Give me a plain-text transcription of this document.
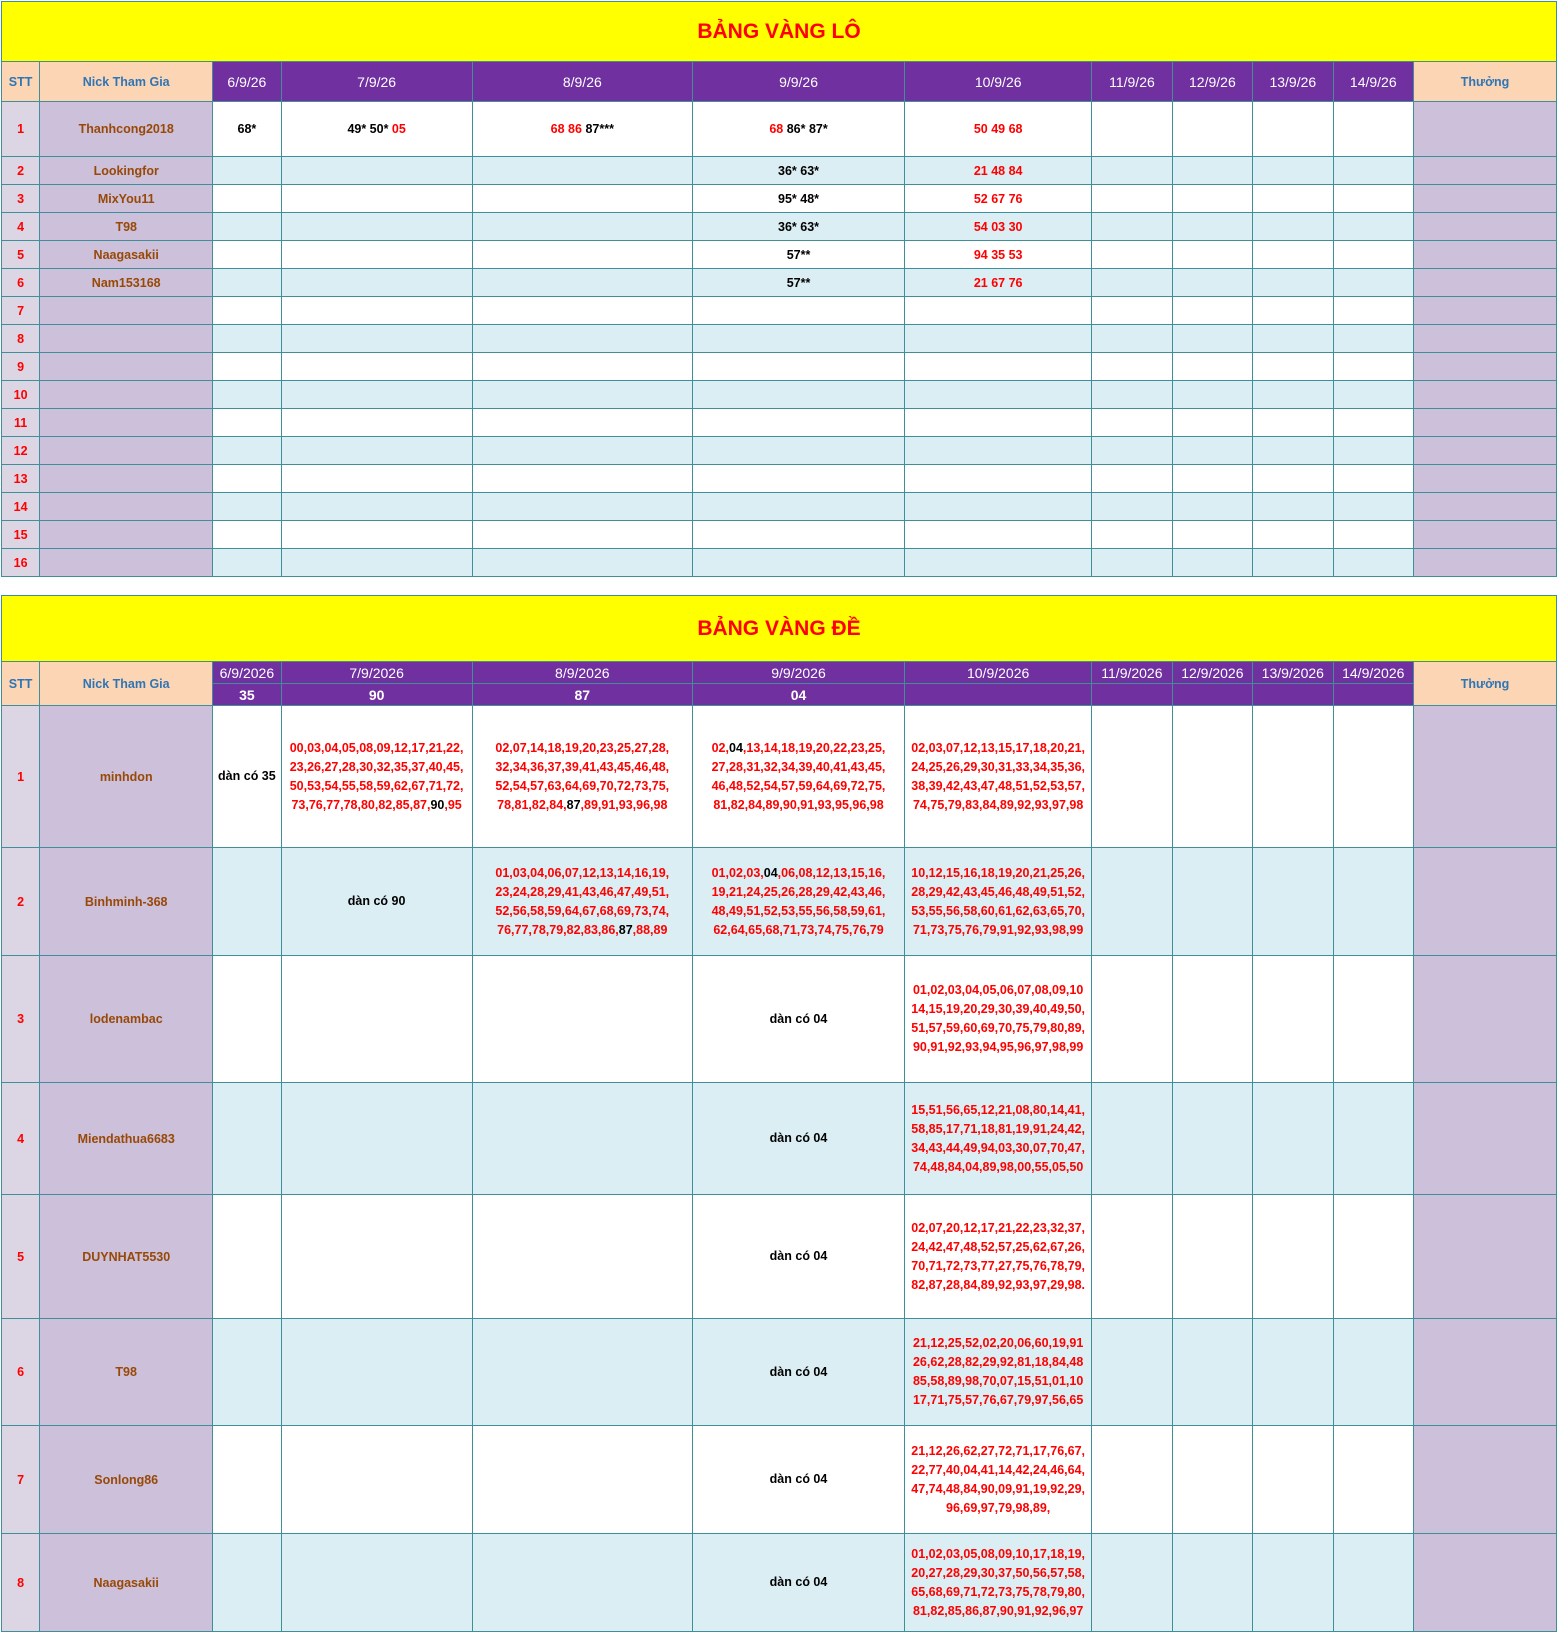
BẢNG VÀNG LÔ											
STT	Nick Tham Gia	6/9/26	7/9/26	8/9/26	9/9/26	10/9/26	11/9/26	12/9/26	13/9/26	14/9/26	Thưởng
1	Thanhcong2018	68*	49* 50* 05	68 86 87***	68 86* 87*	50 49 68					
2	Lookingfor				36* 63*	21 48 84					
3	MixYou11				95* 48*	52 67 76					
4	T98				36* 63*	54 03 30					
5	Naagasakii				57**	94 35 53					
6	Nam153168				57**	21 67 76					
7											
8											
9											
10											
11											
12											
13											
14											
15											
16											
BẢNG VÀNG ĐỀ											
STT	Nick Tham Gia	6/9/2026	7/9/2026	8/9/2026	9/9/2026	10/9/2026	11/9/2026	12/9/2026	13/9/2026	14/9/2026	Thưởng
		35	90	87	04						
1	minhdon	dàn có 35	00,03,04,05,08,09,12,17,21,22,
23,26,27,28,30,32,35,37,40,45,
50,53,54,55,58,59,62,67,71,72,
73,76,77,78,80,82,85,87,90,95	02,07,14,18,19,20,23,25,27,28,
32,34,36,37,39,41,43,45,46,48,
52,54,57,63,64,69,70,72,73,75,
78,81,82,84,87,89,91,93,96,98	02,04,13,14,18,19,20,22,23,25,
27,28,31,32,34,39,40,41,43,45,
46,48,52,54,57,59,64,69,72,75,
81,82,84,89,90,91,93,95,96,98	02,03,07,12,13,15,17,18,20,21,
24,25,26,29,30,31,33,34,35,36,
38,39,42,43,47,48,51,52,53,57,
74,75,79,83,84,89,92,93,97,98					
2	Binhminh-368		dàn có 90	01,03,04,06,07,12,13,14,16,19,
23,24,28,29,41,43,46,47,49,51,
52,56,58,59,64,67,68,69,73,74,
76,77,78,79,82,83,86,87,88,89	01,02,03,04,06,08,12,13,15,16,
19,21,24,25,26,28,29,42,43,46,
48,49,51,52,53,55,56,58,59,61,
62,64,65,68,71,73,74,75,76,79	10,12,15,16,18,19,20,21,25,26,
28,29,42,43,45,46,48,49,51,52,
53,55,56,58,60,61,62,63,65,70,
71,73,75,76,79,91,92,93,98,99					
3	lodenambac				dàn có 04	01,02,03,04,05,06,07,08,09,10
14,15,19,20,29,30,39,40,49,50,
51,57,59,60,69,70,75,79,80,89,
90,91,92,93,94,95,96,97,98,99					
4	Miendathua6683				dàn có 04	15,51,56,65,12,21,08,80,14,41,
58,85,17,71,18,81,19,91,24,42,
34,43,44,49,94,03,30,07,70,47,
74,48,84,04,89,98,00,55,05,50					
5	DUYNHAT5530				dàn có 04	02,07,20,12,17,21,22,23,32,37,
24,42,47,48,52,57,25,62,67,26,
70,71,72,73,77,27,75,76,78,79,
82,87,28,84,89,92,93,97,29,98.					
6	T98				dàn có 04	21,12,25,52,02,20,06,60,19,91
26,62,28,82,29,92,81,18,84,48
85,58,89,98,70,07,15,51,01,10
17,71,75,57,76,67,79,97,56,65					
7	Sonlong86				dàn có 04	21,12,26,62,27,72,71,17,76,67,
22,77,40,04,41,14,42,24,46,64,
47,74,48,84,90,09,91,19,92,29,
96,69,97,79,98,89,					
8	Naagasakii				dàn có 04	01,02,03,05,08,09,10,17,18,19,
20,27,28,29,30,37,50,56,57,58,
65,68,69,71,72,73,75,78,79,80,
81,82,85,86,87,90,91,92,96,97					
